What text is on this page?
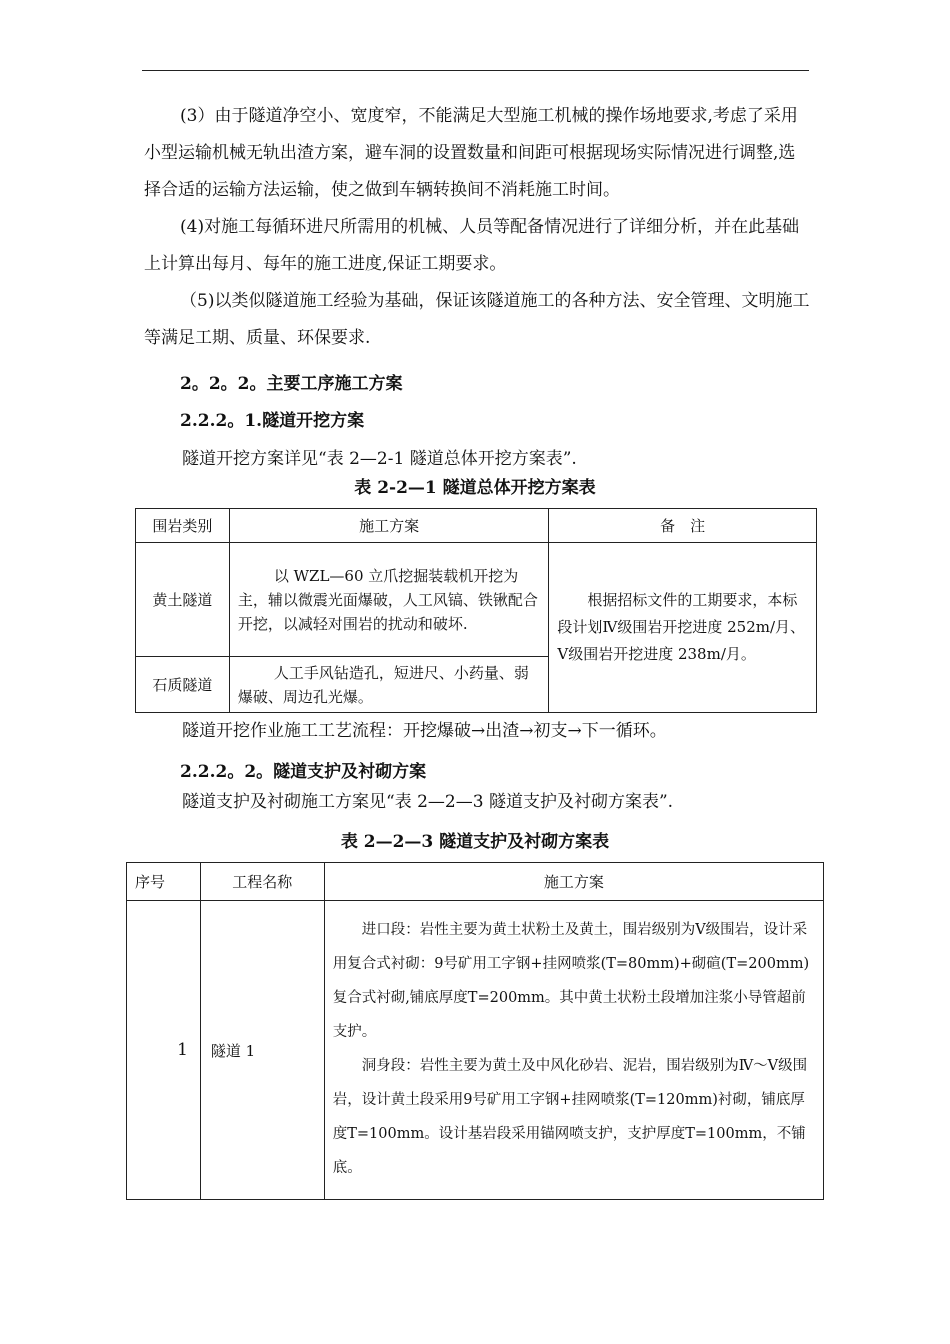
(3）由于隧道净空小、宽度窄，不能满足大型施工机械的操作场地要求,考虑了采用小型运输机械无轨出渣方案，避车洞的设置数量和间距可根据现场实际情况进行调整,选择合适的运输方法运输，使之做到车辆转换间不消耗施工时间。

(4)对施工每循环进尺所需用的机械、人员等配备情况进行了详细分析，并在此基础上计算出每月、每年的施工进度,保证工期要求。

（5)以类似隧道施工经验为基础，保证该隧道施工的各种方法、安全管理、文明施工等满足工期、质量、环保要求.

2。2。2。主要工序施工方案

2.2.2。1.隧道开挖方案

隧道开挖方案详见“表 2—2-1 隧道总体开挖方案表”.

表 2-2—1 隧道总体开挖方案表

围岩类别	施工方案	备　注
黄土隧道	以 WZL—60 立爪挖掘装载机开挖为主，辅以微震光面爆破，人工风镐、铁锹配合开挖，以减轻对围岩的扰动和破坏.	根据招标文件的工期要求，本标段计划Ⅳ级围岩开挖进度 252m/月、Ⅴ级围岩开挖进度 238m/月。

石质隧道	人工手风钻造孔，短进尺、小药量、弱爆破、周边孔光爆。	

隧道开挖作业施工工艺流程：开挖爆破→出渣→初支→下一循环。

2.2.2。2。隧道支护及衬砌方案

隧道支护及衬砌施工方案见“表 2—2—3 隧道支护及衬砌方案表”.

表 2—2—3 隧道支护及衬砌方案表

序号	工程名称	施工方案
1	隧道 1	进口段：岩性主要为黄土状粉土及黄土，围岩级别为Ⅴ级围岩，设计采用复合式衬砌：9号矿用工字钢+挂网喷浆(T=80mm)+砌碹(T=200mm)复合式衬砌,铺底厚度T=200mm。其中黄土状粉土段增加注浆小导管超前支护。

洞身段：岩性主要为黄土及中风化砂岩、泥岩，围岩级别为Ⅳ～Ⅴ级围岩，设计黄土段采用9号矿用工字钢+挂网喷浆(T=120mm)衬砌，铺底厚度T=100mm。设计基岩段采用锚网喷支护，支护厚度T=100mm，不铺底。
